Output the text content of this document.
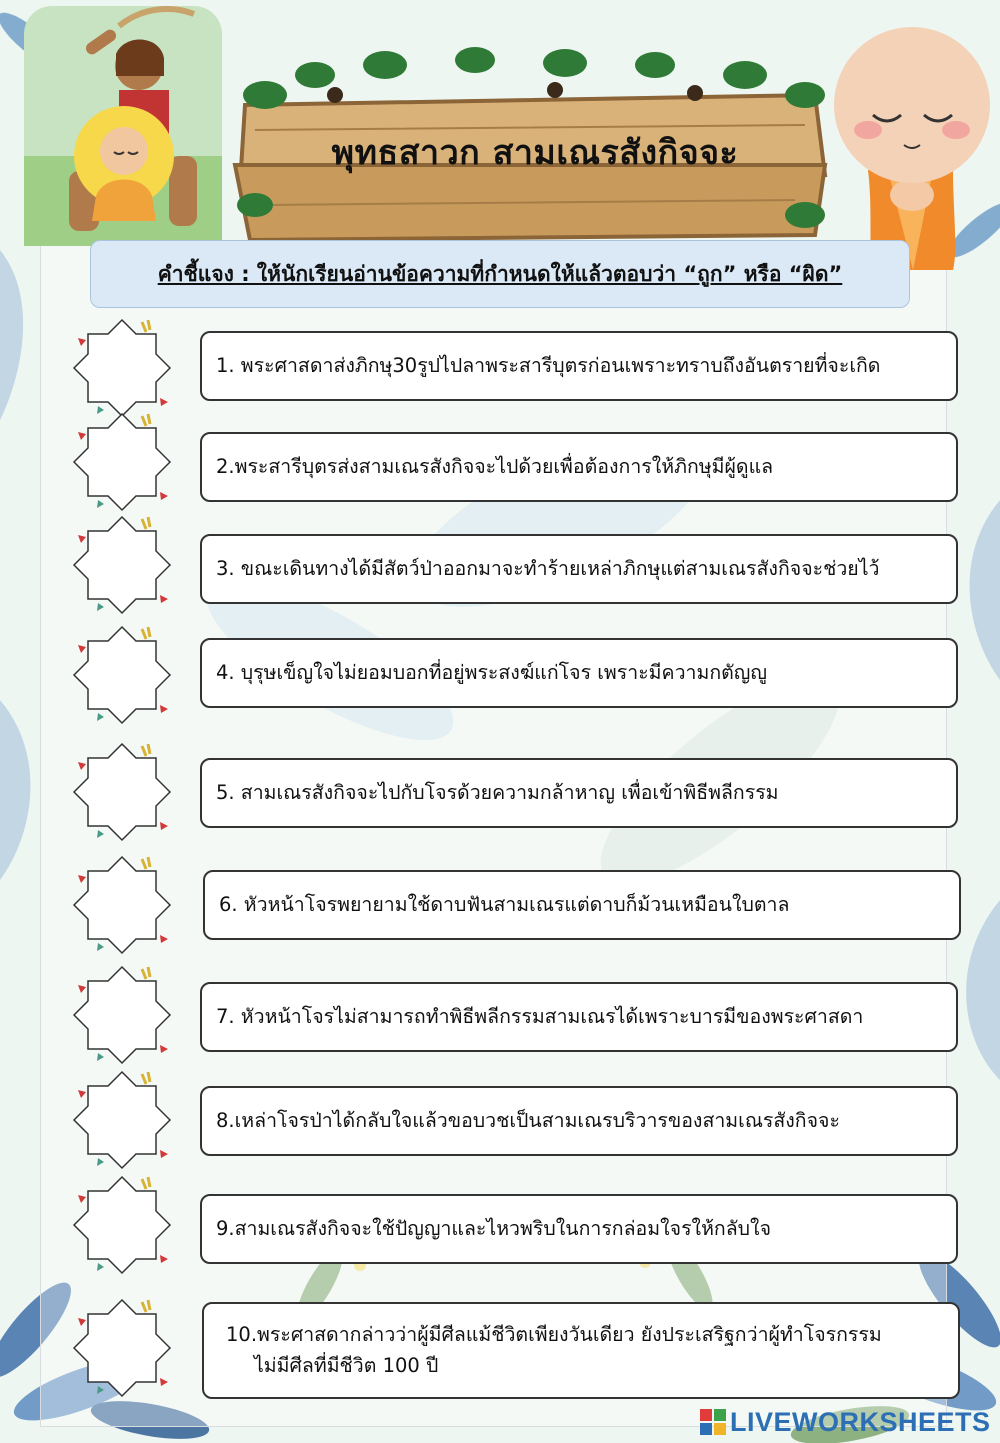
พุทธสาวก สามเณรสังกิจจะ
คำชี้แจง : ให้นักเรียนอ่านข้อความที่กำหนดให้แล้วตอบว่า “ถูก” หรือ “ผิด”
1. พระศาสดาส่งภิกษุ30รูปไปลาพระสารีบุตรก่อนเพราะทราบถึงอันตรายที่จะเกิด
2.พระสารีบุตรส่งสามเณรสังกิจจะไปด้วยเพื่อต้องการให้ภิกษุมีผู้ดูแล
3. ขณะเดินทางได้มีสัตว์ป่าออกมาจะทำร้ายเหล่าภิกษุแต่สามเณรสังกิจจะช่วยไว้
4. บุรุษเข็ญใจไม่ยอมบอกที่อยู่พระสงฆ์แก่โจร เพราะมีความกตัญญู
5. สามเณรสังกิจจะไปกับโจรด้วยความกล้าหาญ เพื่อเข้าพิธีพลีกรรม
6. หัวหน้าโจรพยายามใช้ดาบฟันสามเณรแต่ดาบก็ม้วนเหมือนใบตาล
7. หัวหน้าโจรไม่สามารถทำพิธีพลีกรรมสามเณรได้เพราะบารมีของพระศาสดา
8.เหล่าโจรป่าได้กลับใจแล้วขอบวชเป็นสามเณรบริวารของสามเณรสังกิจจะ
9.สามเณรสังกิจจะใช้ปัญญาและไหวพริบในการกล่อมใจรให้กลับใจ
10.พระศาสดากล่าวว่าผู้มีศีลแม้ชีวิตเพียงวันเดียว ยังประเสริฐกว่าผู้ทำโจรกรรม
ไม่มีศีลที่มีชีวิต 100 ปี
LIVEWORKSHEETS
